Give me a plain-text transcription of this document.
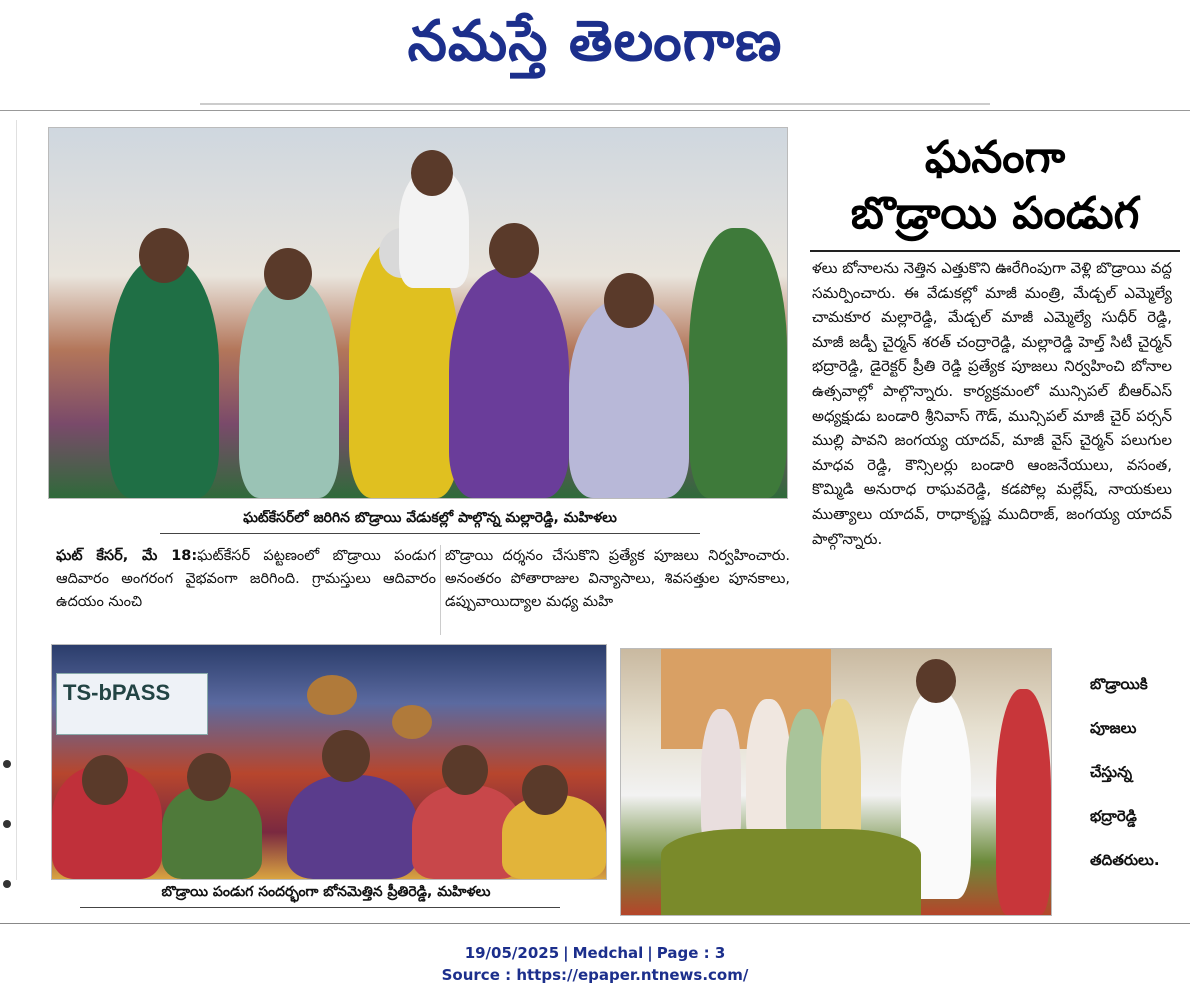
నమస్తే తెలంగాణ
ఘట్‌కేసర్‌లో జరిగిన బొడ్రాయి వేడుకల్లో పాల్గొన్న మల్లారెడ్డి, మహిళలు
ఘనంగా
బొడ్రాయి పండుగ
ళలు బోనాలను నెత్తిన ఎత్తుకొని ఊరేగింపుగా వెళ్లి బొడ్రాయి వద్ద సమర్పించారు. ఈ వేడుకల్లో మాజీ మంత్రి, మేడ్చల్ ఎమ్మెల్యే చామకూర మల్లారెడ్డి, మేడ్చల్ మాజీ ఎమ్మెల్యే సుధీర్ రెడ్డి, మాజీ జడ్పీ చైర్మన్ శరత్ చంద్రారెడ్డి, మల్లారెడ్డి హెల్త్ సిటీ చైర్మన్ భద్రారెడ్డి, డైరెక్టర్ ప్రీతి రెడ్డి ప్రత్యేక పూజలు నిర్వహించి బోనాల ఉత్సవాల్లో పాల్గొన్నారు. కార్యక్రమంలో మున్సిపల్ బీఆర్ఎస్ అధ్యక్షుడు బండారి శ్రీనివాస్ గౌడ్, మున్సిపల్ మాజీ చైర్ పర్సన్ ముల్లి పావని జంగయ్య యాదవ్, మాజీ వైస్ చైర్మన్ పలుగుల మాధవ రెడ్డి, కౌన్సిలర్లు బండారి ఆంజనేయులు, వసంత, కొమ్మిడి అనురాధ రాఘవరెడ్డి, కడపోల్ల మల్లేష్, నాయకులు ముత్యాలు యాదవ్, రాధాకృష్ణ ముదిరాజ్, జంగయ్య యాదవ్ పాల్గొన్నారు.
ఘట్ కేసర్, మే 18:ఘట్‌కేసర్ పట్టణంలో బొడ్రాయి పండుగ ఆదివారం అంగరంగ వైభవంగా జరిగింది. గ్రామస్తులు ఆదివారం ఉదయం నుంచి
బొడ్రాయి దర్శనం చేసుకొని ప్రత్యేక పూజలు నిర్వహించారు. అనంతరం పోతారాజుల విన్యాసాలు, శివసత్తుల పూనకాలు, డప్పువాయిద్యాల మధ్య మహి
TS-bPASS
బొడ్రాయి పండుగ సందర్భంగా బోనమెత్తిన ప్రీతిరెడ్డి, మహిళలు
బొడ్రాయికి
పూజలు
చేస్తున్న
భద్రారెడ్డి
తదితరులు.
19/05/2025 | Medchal | Page : 3
Source : https://epaper.ntnews.com/
